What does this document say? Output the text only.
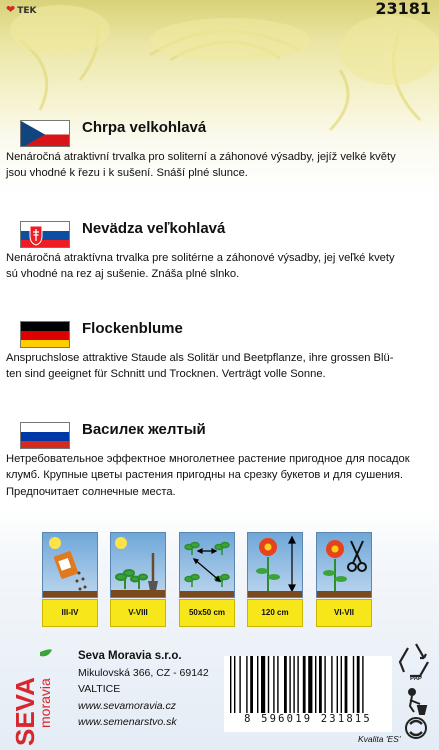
❤ TEK	23181
Chrpa velkohlavá
Nenáročná atraktivní trvalka pro soliterní a záhonové výsadby, jejíž velké květy
jsou vhodné k řezu i k sušení. Snáší plné slunce.
Nevädza veľkohlavá
Nenáročná atraktívna trvalka pre solitérne a záhonové výsadby, jej veľké kvety
sú vhodné na rez aj sušenie. Znáša plné slnko.
Flockenblume
Anspruchslose attraktive Staude als Solitär und Beetpflanze, ihre grossen Blü-
ten sind geeignet für Schnitt und Trocknen. Verträgt volle Sonne.
Василек желтый
Нетребовательное эффектное многолетнее растение пригодное для посадок
клумб. Крупные цветы растения пригодны на срезку букетов и для сушения.
Предпочитает солнечные места.
III-IV	V-VIII	50x50 cm	120 cm	VI-VII
SEVA
moravia
Seva Moravia s.r.o.
Mikulovská 366, CZ - 69142
VALTICE
www.sevamoravia.cz
www.semenarstvo.sk	8 596019 231815
Kvalita 'ES'
PAP
